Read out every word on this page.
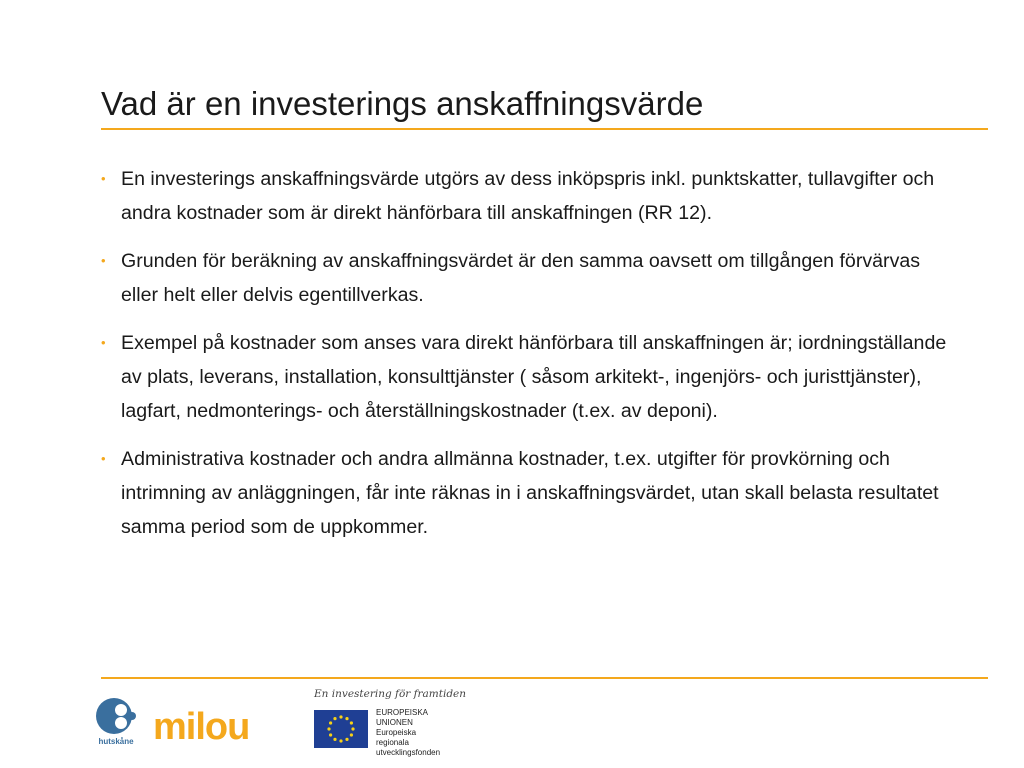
Vad är en investerings anskaffningsvärde
• En investerings anskaffningsvärde utgörs av dess inköpspris inkl. punktskatter, tullavgifter och andra kostnader som är direkt hänförbara till anskaffningen (RR 12).
• Grunden för beräkning av anskaffningsvärdet är den samma oavsett om tillgången förvärvas eller helt eller delvis egentillverkas.
• Exempel på kostnader som anses vara direkt hänförbara till anskaffningen är; iordningställande av plats, leverans, installation, konsulttjänster ( såsom arkitekt-, ingenjörs- och juristtjänster), lagfart, nedmonterings- och återställningskostnader (t.ex. av deponi).
• Administrativa kostnader och andra allmänna kostnader, t.ex. utgifter för provkörning och intrimning av anläggningen, får inte räknas in i anskaffningsvärdet, utan skall belasta resultatet samma period som de uppkommer.
hutskåne milou
En investering för framtiden
EUROPEISKA
UNIONEN
Europeiska
regionala
utvecklingsfonden
